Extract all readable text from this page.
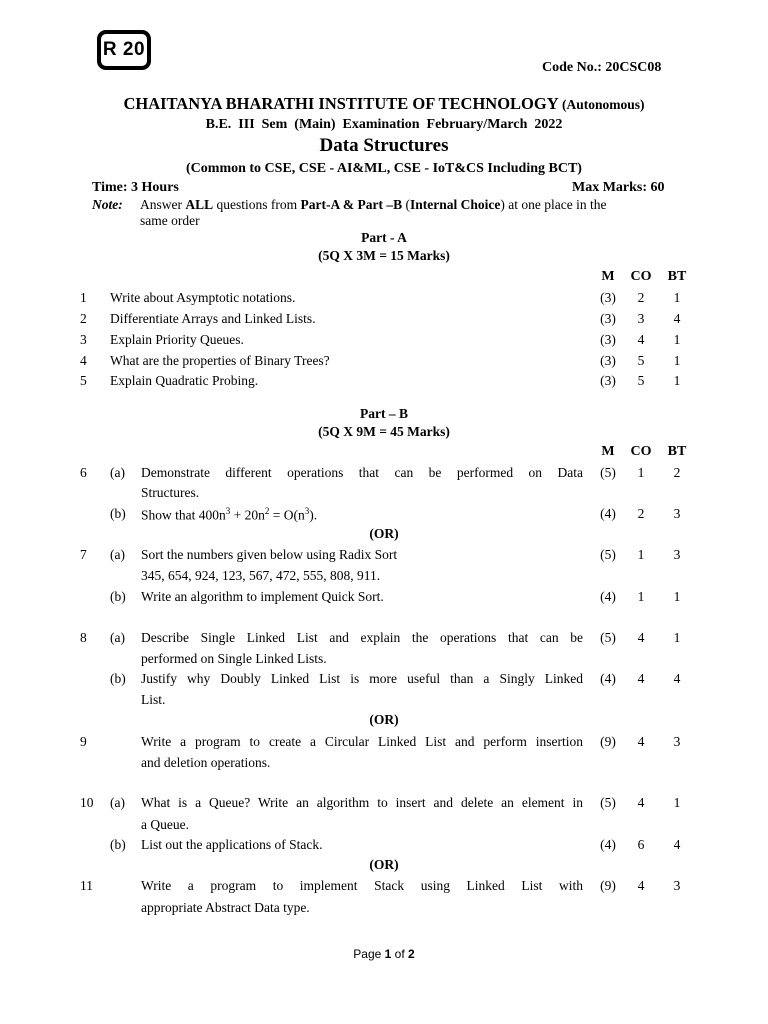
R 20
Code No.: 20CSC08
CHAITANYA BHARATHI INSTITUTE OF TECHNOLOGY (Autonomous)
B.E.  III  Sem  (Main)  Examination  February/March  2022
Data Structures
(Common to CSE, CSE - AI&ML, CSE - IoT&CS Including BCT)
Time: 3 Hours	Max Marks: 60
Note: Answer ALL questions from Part-A & Part –B (Internal Choice) at one place in the
same order
Part - A
(5Q X 3M = 15 Marks)
M	CO BT
1 Write about Asymptotic notations.	(3)	2	1
2 Differentiate Arrays and Linked Lists.	(3)	3	4
3 Explain Priority Queues.	(3)	4	1
4 What are the properties of Binary Trees?	(3)	5	1
5 Explain Quadratic Probing.	(3)	5	1
Part – B
(5Q X 9M = 45 Marks)
M	CO BT
6 (a) Demonstrate different operations that can be performed on Data
Structures.
(5)	1	2
(b) Show that $400n^3 + 20n^2 = O(n^3)$.	(4)	2	3
(OR)
7 (a) Sort the numbers given below using Radix Sort
345, 654, 924, 123, 567, 472, 555, 808, 911.
(5)	1	3
(b) Write an algorithm to implement Quick Sort.	(4)	1	1
8 (a) Describe Single Linked List and explain the operations that can be
performed on Single Linked Lists.
(5)	4	1
(b) Justify why Doubly Linked List is more useful than a Singly Linked
List.
(4)	4	4
(OR)
9	Write a program to create a Circular Linked List and perform insertion
and deletion operations.
(9)	4	3
10 (a) What is a Queue? Write an algorithm to insert and delete an element in
a Queue.
(5)	4	1
(b) List out the applications of Stack.	(4)	6	4
(OR)
11	Write a program to implement Stack using Linked List with
appropriate Abstract Data type.
(9)	4	3
Page 1 of 2
